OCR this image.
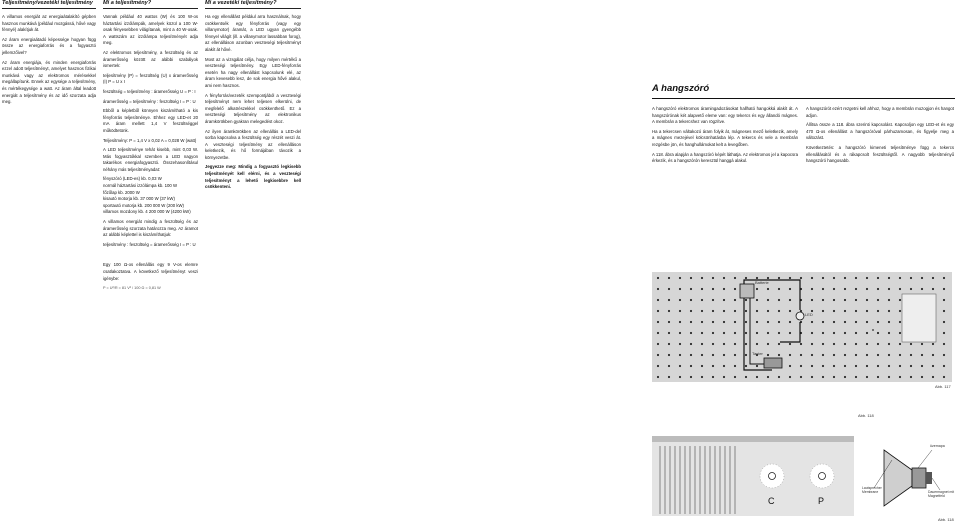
Teljesítmény/vezetéki teljesítmény

A villamos energiát az energiaátalakító gépben hasznos munkává (például mozgássá, hővé vagy fénnyé) alakítjuk át.

Az áram energiaátadó képessége hogyan függ össze az energiaforrás és a fogyasztó jellemzőivel?

Az áram energiája, és minden energiaforrás ezzel adott teljesítményt, amelyet hasznos fizikai munkává vagy az elektromos mérésekkel megállapítunk. Ennek az egysége a teljesítmény, és mértékegysége a watt. Az áram által leadott energiát a teljesítmény és az idő szorzata adja meg.

Mi a teljesítmény?

Vannak például 40 wattos (W) és 100 W-os háztartási izzólámpák, amelyek közül a 100 W-osak fényesebben világítanak, mint a 40 W-osak. A wattszám az izzólámpa teljesítményét adja meg.

Az elektromos teljesítmény, a feszültség és az áramerősség között az alábbi szabályok ismertek:

teljesítmény (P) = feszültség (U) x áramerősség (I) P = U x I

feszültség = teljesítmény : áramerősség U = P : I

áramerősség = teljesítmény : feszültség I = P : U

Ebből a képletből könnyen kiszámítható a kis fényforrás teljesítménye. Ehhez egy LED-et 20 mA áram mellett 1,4 V feszültséggel működtetünk.

Teljesítmény: P = 1,4 V x 0,02 A = 0,028 W (watt)

A LED teljesítménye tehát kisebb, mint 0,03 W. Más fogyasztókkal szemben a LED nagyon takarékos energiafogyasztó. Összehasonlításul néhány más teljesítményadat:

fényszóró (LED-es) kb. 0,03 W
normál háztartási izzólámpa kb. 100 W
főzőlap kb. 2000 W
kisautó motorja kb. 37 000 W (37 kW)
sportautó motorja kb. 200 000 W (200 kW)
villamos mozdony kb. 4 200 000 W (4200 kW)

A villamos energiát mindig a feszültség és az áramerősség szorzata határozza meg. Az áramot az alábbi képlettel is kiszámíthatjuk:

teljesítmény : feszültség = áramerősség I = P : U

Egy 100 Ω-os ellenállás egy 9 V-os elemre csatlakoztatva. A következő teljesítményt veszi igénybe:

P = U²/R = 81 V² / 100 Ω = 0,81 W
Mi a vezetéki teljesítmény?

Ha egy ellenállást például arra használnak, hogy csökkentsék egy fényforrás (vagy egy villanymotor) áramát, a LED ugyan gyengébb fénnyel világít (ill. a villanymotor lassabban forog), az ellenálláson azonban veszteségi teljesítményt alakít át hővé.

Most az a vizsgálat célja, hogy milyen mértékű a veszteségi teljesítmény. Egy LED-fényforrás esetén ha nagy ellenállást kapcsolunk elé, az áram kevesebb lesz, de sok energia hővé alakul, ami nem hasznos.

A fényforrás/vezeték szempontjából a veszteségi teljesítményt nem lehet teljesen elkerülni, de megfelelő alkatrészekkel csökkenthető. Ez a veszteségi teljesítmény az elektronikus áramkörökben gyakran melegedést okoz.

Az ilyen áramkörökben az ellenállás a LED-del sorba kapcsolva a feszültség egy részét veszi át. A veszteségi teljesítmény az ellenálláson keletkezik, és hő formájában távozik a környezetbe.

Jegyezze meg: Mindig a fogyasztó legkisebb teljesítményét kell elérni, és a veszteségi teljesítményt a lehető legkisebbre kell csökkenteni.

A hangszóró

A hangszóró elektromos áramingadozásokat hallható hangokká alakít át. A hangszórónak két alapvető eleme van: egy tekercs és egy állandó mágnes. A membrán a tekercshez van rögzítve.

Ha a tekercsen váltakozó áram folyik át, mágneses mező keletkezik, amely a mágnes mezejével kölcsönhatásba lép. A tekercs és vele a membrán rezgésbe jön, és hanghullámokat kelt a levegőben.

A 118. ábra alapján a hangszóró képét láthatja. Az elektromos jel a kapocsra érkezik, és a hangszórón keresztül hanggá alakul.

A hangszórót ezért rezgetni kell ahhoz, hogy a membrán mozogjon és hangot adjon.

Állítsa össze a 118. ábra szerinti kapcsolást. Kapcsoljon egy LED-et és egy 470 Ω-os ellenállást a hangszóróval párhuzamosan, és figyelje meg a változást.

Következtetés: a hangszóró kimeneti teljesítménye függ a tekercs ellenállásától és a rákapcsolt feszültségtől. A nagyobb teljesítményű hangszóró hangosabb.

Batterie
LED
Taster
Abb. 117
Abb. 118
C	P
üzemapa
Lautsprecher Membrane	Dauermagnet mit Magnetfeld
Abb. 118
